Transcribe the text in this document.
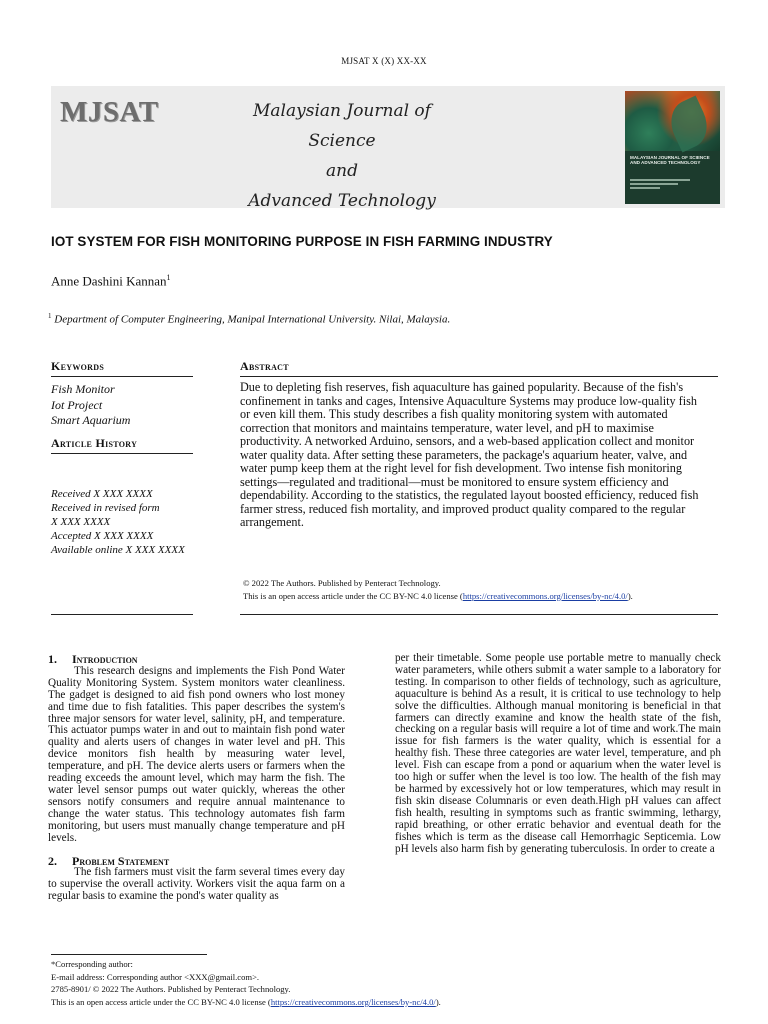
MJSAT X (X) XX-XX
MJSAT	Malaysian Journal of Science
and
Advanced Technology
MALAYSIAN JOURNAL OF SCIENCE AND ADVANCED TECHNOLOGY
IOT SYSTEM FOR FISH MONITORING PURPOSE IN FISH FARMING INDUSTRY
Anne Dashini Kannan$^1$
$^1$ Department of Computer Engineering, Manipal International University. Nilai, Malaysia.
Keywords
Fish Monitor
Iot Project
Smart Aquarium
Article History
Received X XXX XXXX
Received in revised form
X XXX XXXX
Accepted X XXX XXXX
Available online X XXX XXXX
Abstract
Due to depleting fish reserves, fish aquaculture has gained popularity. Because of the fish's confinement in tanks and cages, Intensive Aquaculture Systems may produce low-quality fish or even kill them. This study describes a fish quality monitoring system with automated correction that monitors and maintains temperature, water level, and pH to maximise productivity. A networked Arduino, sensors, and a web-based application collect and monitor water quality data. After setting these parameters, the package's aquarium heater, valve, and water pump keep them at the right level for fish development. Two intense fish monitoring settings—regulated and traditional—must be monitored to ensure system efficiency and dependability. According to the statistics, the regulated layout boosted efficiency, reduced fish farmer stress, reduced fish mortality, and improved product quality compared to the regular arrangement.
© 2022 The Authors. Published by Penteract Technology.
This is an open access article under the CC BY-NC 4.0 license (https://creativecommons.org/licenses/by-nc/4.0/).
1. Introduction

This research designs and implements the Fish Pond Water Quality Monitoring System. System monitors water cleanliness. The gadget is designed to aid fish pond owners who lost money and time due to fish fatalities. This paper describes the system's three major sensors for water level, salinity, pH, and temperature. This actuator pumps water in and out to maintain fish pond water quality and alerts users of changes in water level and pH. This device monitors fish health by measuring water level, temperature, and pH. The device alerts users or farmers when the reading exceeds the amount level, which may harm the fish. The water level sensor pumps out water quickly, whereas the other sensors notify consumers and require annual maintenance to change the water status. This technology automates fish farm monitoring, but users must manually change temperature and pH levels.

2. Problem Statement

The fish farmers must visit the farm several times every day to supervise the overall activity. Workers visit the aqua farm on a regular basis to examine the pond's water quality as

per their timetable. Some people use portable metre to manually check water parameters, while others submit a water sample to a laboratory for testing. In comparison to other fields of technology, such as agriculture, aquaculture is behind As a result, it is critical to use technology to help solve the difficulties. Although manual monitoring is beneficial in that farmers can directly examine and know the health state of the fish, checking on a regular basis will require a lot of time and work.The main issue for fish farmers is the water quality, which is essential for a healthy fish. These three categories are water level, temperature, and ph level. Fish can escape from a pond or aquarium when the water level is too high or suffer when the level is too low. The health of the fish may be harmed by excessively hot or low temperatures, which may result in fish skin disease Columnaris or even death.High pH values can affect fish health, resulting in symptoms such as frantic swimming, lethargy, rapid breathing, or other erratic behavior and eventual death for the fishes which is term as the disease call Hemorrhagic Septicemia. Low pH levels also harm fish by generating tuberculosis. In order to create a

*Corresponding author:
E-mail address: Corresponding author <XXX@gmail.com>.
2785-8901/ © 2022 The Authors. Published by Penteract Technology.
This is an open access article under the CC BY-NC 4.0 license (https://creativecommons.org/licenses/by-nc/4.0/).
